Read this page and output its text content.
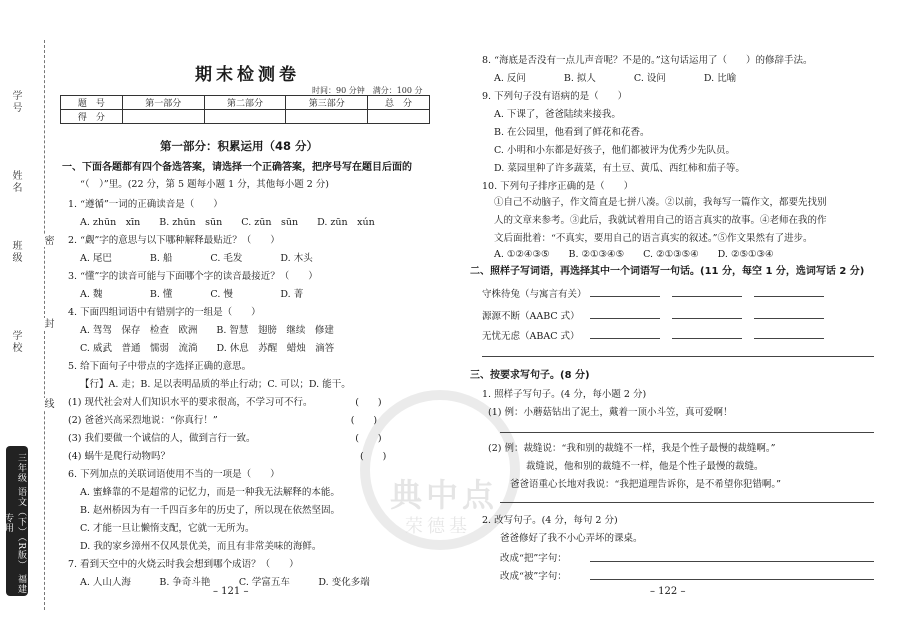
学号
姓名
班级
学校
密
封
线
三年级 语文（下）（R版） 福建专用
期末检测卷
时间：90 分钟　满分：100 分
题　号	第一部分	第二部分	第三部分	总　分
得　分				
第一部分：积累运用（48 分）
一、下面各题都有四个备选答案，请选择一个正确答案，把序号写在题目后面的
“（　）”里。(22 分，第 5 题每小题 1 分，其他每小题 2 分)
1. “遵循”一词的正确读音是（　　）
A. zhūn　xīn　　B. zhūn　sūn　　C. zūn　sūn　　D. zūn　xún
2. “觑”字的意思与以下哪种解释最贴近？（　　）
A. 尾巴　　　　B. 船　　　　C. 毛发　　　　D. 木头
3. “懂”字的读音可能与下面哪个字的读音最接近？（　　）
A. 魏　　　　　B. 懂　　　　C. 慢　　　　　D. 菁
4. 下面四组词语中有错别字的一组是（　　）
A. 驾驾　保存　检查　欧洲　　B. 智慧　翅膀　继续　修建
C. 威武　普通　懦弱　流淌　　D. 休息　苏醒　蜡烛　滴答
5. 给下面句子中带点的字选择正确的意思。
【行】A. 走；B. 足以表明品质的举止行动；C. 可以；D. 能干。
(1) 现代社会对人们知识水平的要求很高，不学习可不行。　　　　　(　　)
(2) 爸爸兴高采烈地说：“你真行！”　　　　　　　　　　　　　　(　　)
(3) 我们要做一个诚信的人，做到言行一致。　　　　　　　　　　　(　　)
(4) 蜗牛是爬行动物吗？　　　　　　　　　　　　　　　　　　　　(　　)
6. 下列加点的关联词语使用不当的一项是（　　）
A. 蜜蜂靠的不是超常的记忆力，而是一种我无法解释的本能。
B. 赵州桥因为有一千四百多年的历史了，所以现在依然坚固。
C. 才能一旦让懒惰支配，它就一无所为。
D. 我的家乡漳州不仅风景优美，而且有非常美味的海鲜。
7. 看到天空中的火烧云时我会想到哪个成语？（　　）
A. 人山人海　　　B. 争奇斗艳　　　C. 学富五车　　　D. 变化多端
– 121 –
8. “海底是否没有一点儿声音呢？不是的。”这句话运用了（　　）的修辞手法。
A. 反问　　　　B. 拟人　　　　C. 设问　　　　D. 比喻
9. 下列句子没有语病的是（　　）
A. 下课了，爸爸陆续来接我。
B. 在公园里，他看到了鲜花和花香。
C. 小明和小东都是好孩子，他们都被评为优秀少先队员。
D. 菜园里种了许多蔬菜，有土豆、黄瓜、西红柿和茄子等。
10. 下列句子排序正确的是（　　）
①自己不动脑子，作文简直是七拼八凑。②以前，我每写一篇作文，都要先找别
人的文章来参考。③此后，我就试着用自己的语言真实的故事。④老师在我的作
文后面批着：“不真实，要用自己的语言真实的叙述。”⑤作文果然有了进步。
A. ①②④③⑤　　B. ②①③④⑤　　C. ②①③⑤④　　D. ②⑤①③④
典中点
荣德基
二、照样子写词语，再选择其中一个词语写一句话。(11 分，每空 1 分，选词写话 2 分)
守株待兔（与寓言有关）
源源不断（AABC 式）
无忧无虑（ABAC 式）
三、按要求写句子。(8 分)
1. 照样子写句子。(4 分，每小题 2 分)
(1) 例：小蘑菇钻出了泥土，戴着一顶小斗笠，真可爱啊！
(2) 例：裁缝说：“我和别的裁缝不一样，我是个性子最慢的裁缝啊。”
裁缝说，他和别的裁缝不一样，他是个性子最慢的裁缝。
爸爸语重心长地对我说：“我把道理告诉你，是不希望你犯错啊。”
2. 改写句子。(4 分，每句 2 分)
爸爸修好了我不小心弄坏的课桌。
改成“把”字句：
改成“被”字句：
– 122 –
